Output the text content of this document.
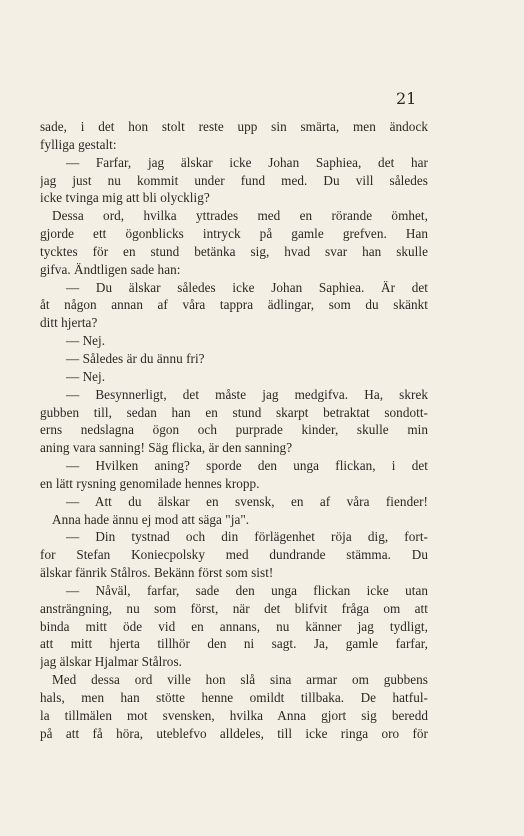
21
sade, i det hon stolt reste upp sin smärta, men ändock
fylliga gestalt:
— Farfar, jag älskar icke Johan Saphiea, det har
jag just nu kommit under fund med. Du vill således
icke tvinga mig att bli olycklig?
Dessa ord, hvilka yttrades med en rörande ömhet,
gjorde ett ögonblicks intryck på gamle grefven. Han
tycktes för en stund betänka sig, hvad svar han skulle
gifva. Ändtligen sade han:
— Du älskar således icke Johan Saphiea. Är det
åt någon annan af våra tappra ädlingar, som du skänkt
ditt hjerta?
— Nej.
— Således är du ännu fri?
— Nej.
— Besynnerligt, det måste jag medgifva. Ha, skrek
gubben till, sedan han en stund skarpt betraktat sondott-
erns nedslagna ögon och purprade kinder, skulle min
aning vara sanning! Säg flicka, är den sanning?
— Hvilken aning? sporde den unga flickan, i det
en lätt rysning genomilade hennes kropp.
— Att du älskar en svensk, en af våra fiender!
Anna hade ännu ej mod att säga "ja".
— Din tystnad och din förlägenhet röja dig, fort-
for Stefan Koniecpolsky med dundrande stämma. Du
älskar fänrik Stålros. Bekänn först som sist!
— Nåväl, farfar, sade den unga flickan icke utan
ansträngning, nu som först, när det blifvit fråga om att
binda mitt öde vid en annans, nu känner jag tydligt,
att mitt hjerta tillhör den ni sagt. Ja, gamle farfar,
jag älskar Hjalmar Stålros.
Med dessa ord ville hon slå sina armar om gubbens
hals, men han stötte henne omildt tillbaka. De hatful-
la tillmälen mot svensken, hvilka Anna gjort sig beredd
på att få höra, uteblefvo alldeles, till icke ringa oro för
